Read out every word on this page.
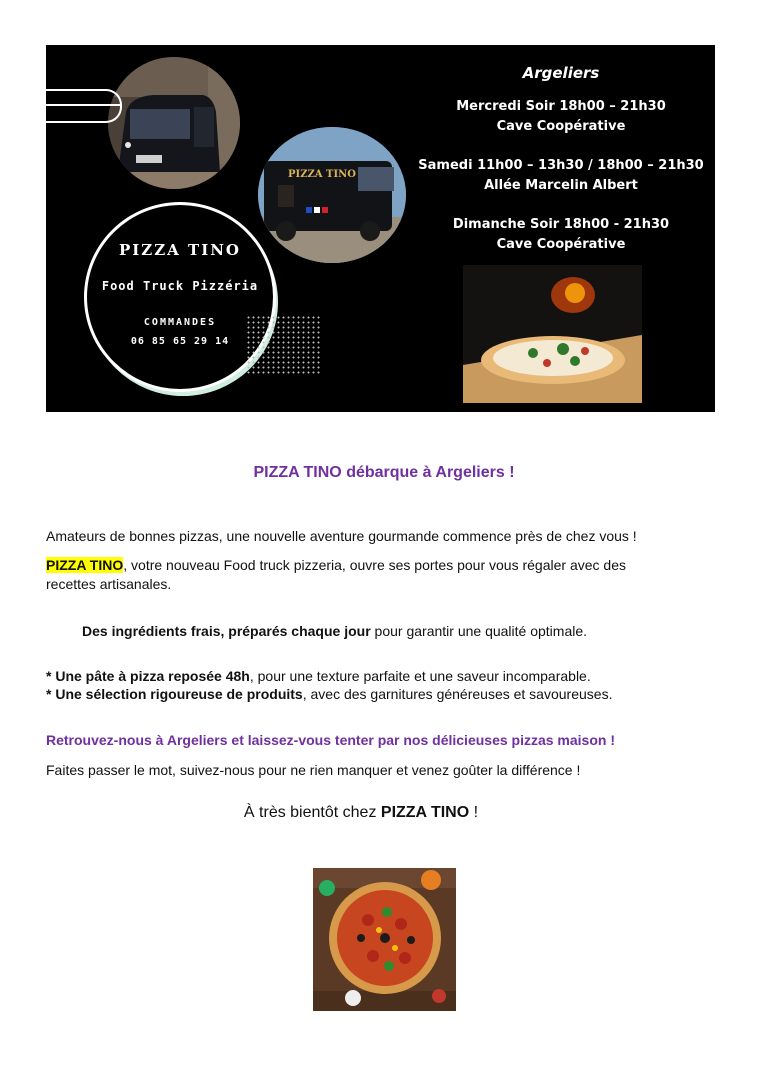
PIZZA TINO
PIZZA TINO
Food Truck Pizzéria
COMMANDES
06 85 65 29 14
Argeliers
Mercredi Soir 18h00 – 21h30
Cave Coopérative
Samedi 11h00 – 13h30 / 18h00 – 21h30
Allée Marcelin Albert
Dimanche Soir 18h00 - 21h30
Cave Coopérative
PIZZA TINO débarque à Argeliers !
Amateurs de bonnes pizzas, une nouvelle aventure gourmande commence près de chez vous !
PIZZA TINO, votre nouveau Food truck pizzeria, ouvre ses portes pour vous régaler avec des
recettes artisanales.
Des ingrédients frais, préparés chaque jour pour garantir une qualité optimale.
* Une pâte à pizza reposée 48h, pour une texture parfaite et une saveur incomparable.
* Une sélection rigoureuse de produits, avec des garnitures généreuses et savoureuses.
Retrouvez-nous à Argeliers et laissez-vous tenter par nos délicieuses pizzas maison !
Faites passer le mot, suivez-nous pour ne rien manquer et venez goûter la différence !
À très bientôt chez PIZZA TINO !
